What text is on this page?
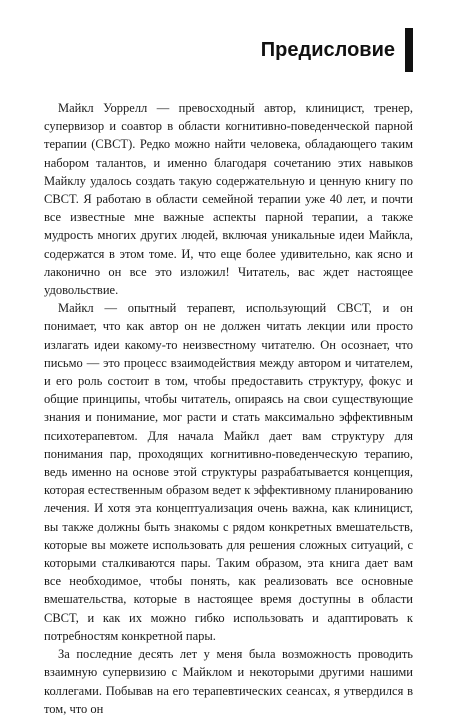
Предисловие

Майкл Уоррелл — превосходный автор, клиницист, тренер, супервизор и соавтор в области когнитивно-поведенческой парной терапии (CBCT). Редко можно найти человека, обладающего таким набором талантов, и именно благодаря сочетанию этих навыков Майклу удалось создать такую содержательную и ценную книгу по CBCT. Я работаю в области семейной терапии уже 40 лет, и почти все известные мне важные аспекты парной терапии, а также мудрость многих других людей, включая уникальные идеи Майкла, содержатся в этом томе. И, что еще более удивительно, как ясно и лаконично он все это изложил! Читатель, вас ждет настоящее удовольствие.

Майкл — опытный терапевт, использующий CBCT, и он понимает, что как автор он не должен читать лекции или просто излагать идеи какому-то неизвестному читателю. Он осознает, что письмо — это процесс взаимодействия между автором и читателем, и его роль состоит в том, чтобы предоставить структуру, фокус и общие принципы, чтобы читатель, опираясь на свои существующие знания и понимание, мог расти и стать максимально эффективным психотерапевтом. Для начала Майкл дает вам структуру для понимания пар, проходящих когнитивно-поведенческую терапию, ведь именно на основе этой структуры разрабатывается концепция, которая естественным образом ведет к эффективному планированию лечения. И хотя эта концептуализация очень важна, как клиницист, вы также должны быть знакомы с рядом конкретных вмешательств, которые вы можете использовать для решения сложных ситуаций, с которыми сталкиваются пары. Таким образом, эта книга дает вам все необходимое, чтобы понять, как реализовать все основные вмешательства, которые в настоящее время доступны в области CBCT, и как их можно гибко использовать и адаптировать к потребностям конкретной пары.

За последние десять лет у меня была возможность проводить взаимную супервизию с Майклом и некоторыми другими нашими коллегами. Побывав на его терапевтических сеансах, я утвердился в том, что он
